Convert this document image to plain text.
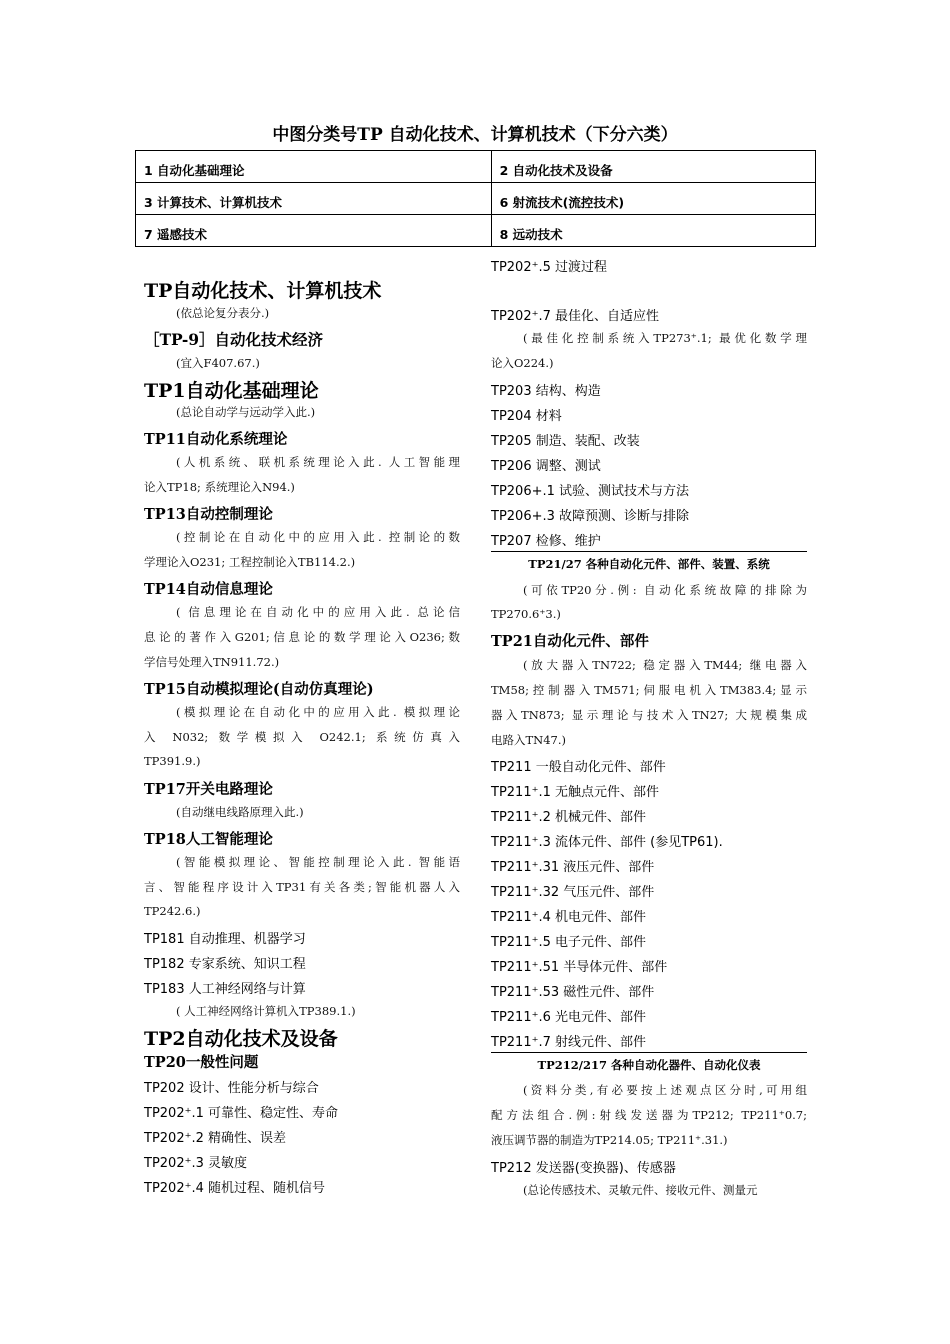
中图分类号TP 自动化技术、计算机技术（下分六类）
1 自动化基础理论	2 自动化技术及设备
3 计算技术、计算机技术	6 射流技术(流控技术)
7 遥感技术	8 远动技术
TP自动化技术、计算机技术
(依总论复分表分.)
［TP-9］自动化技术经济
(宜入F407.67.)
TP1自动化基础理论
(总论自动学与远动学入此.)
TP11自动化系统理论
(人机系统、联机系统理论入此. 人工智能理
论入TP18; 系统理论入N94.)
TP13自动控制理论
(控制论在自动化中的应用入此. 控制论的数
学理论入O231; 工程控制论入TB114.2.)
TP14自动信息理论
( 信息理论在自动化中的应用入此. 总论信
息论的著作入G201;信息论的数学理论入O236;数
学信号处理入TN911.72.)
TP15自动模拟理论(自动仿真理论)
(模拟理论在自动化中的应用入此. 模拟理论
入 N032; 数学模拟入 O242.1; 系统仿真入
TP391.9.)
TP17开关电路理论
(自动继电线路原理入此.)
TP18人工智能理论
(智能模拟理论、智能控制理论入此. 智能语
言、智能程序设计入TP31有关各类;智能机器人入
TP242.6.)
TP181 自动推理、机器学习
TP182 专家系统、知识工程
TP183 人工神经网络与计算
( 人工神经网络计算机入TP389.1.)
TP2自动化技术及设备
TP20一般性问题
TP202 设计、性能分析与综合
TP202⁺.1 可靠性、稳定性、寿命
TP202⁺.2 精确性、误差
TP202⁺.3 灵敏度
TP202⁺.4 随机过程、随机信号
TP202⁺.5 过渡过程
TP202⁺.7 最佳化、自适应性
(最佳化控制系统入TP273⁺.1; 最优化数学理
论入O224.)
TP203 结构、构造
TP204 材料
TP205 制造、装配、改装
TP206 调整、测试
TP206+.1 试验、测试技术与方法
TP206+.3 故障预测、诊断与排除
TP207 检修、维护
TP21/27 各种自动化元件、部件、装置、系统
(可依TP20分.例: 自动化系统故障的排除为
TP270.6⁺3.)
TP21自动化元件、部件
(放大器入TN722; 稳定器入TM44; 继电器入
TM58;控制器入TM571;伺服电机入TM383.4;显示
器入TN873; 显示理论与技术入TN27; 大规模集成
电路入TN47.)
TP211 一般自动化元件、部件
TP211⁺.1 无触点元件、部件
TP211⁺.2 机械元件、部件
TP211⁺.3 流体元件、部件 (参见TP61).
TP211⁺.31 液压元件、部件
TP211⁺.32 气压元件、部件
TP211⁺.4 机电元件、部件
TP211⁺.5 电子元件、部件
TP211⁺.51 半导体元件、部件
TP211⁺.53 磁性元件、部件
TP211⁺.6 光电元件、部件
TP211⁺.7 射线元件、部件
TP212/217 各种自动化器件、自动化仪表
(资料分类,有必要按上述观点区分时,可用组
配方法组合.例:射线发送器为TP212; TP211⁺0.7;
液压调节器的制造为TP214.05; TP211⁺.31.)
TP212 发送器(变换器)、传感器
(总论传感技术、灵敏元件、接收元件、测量元
